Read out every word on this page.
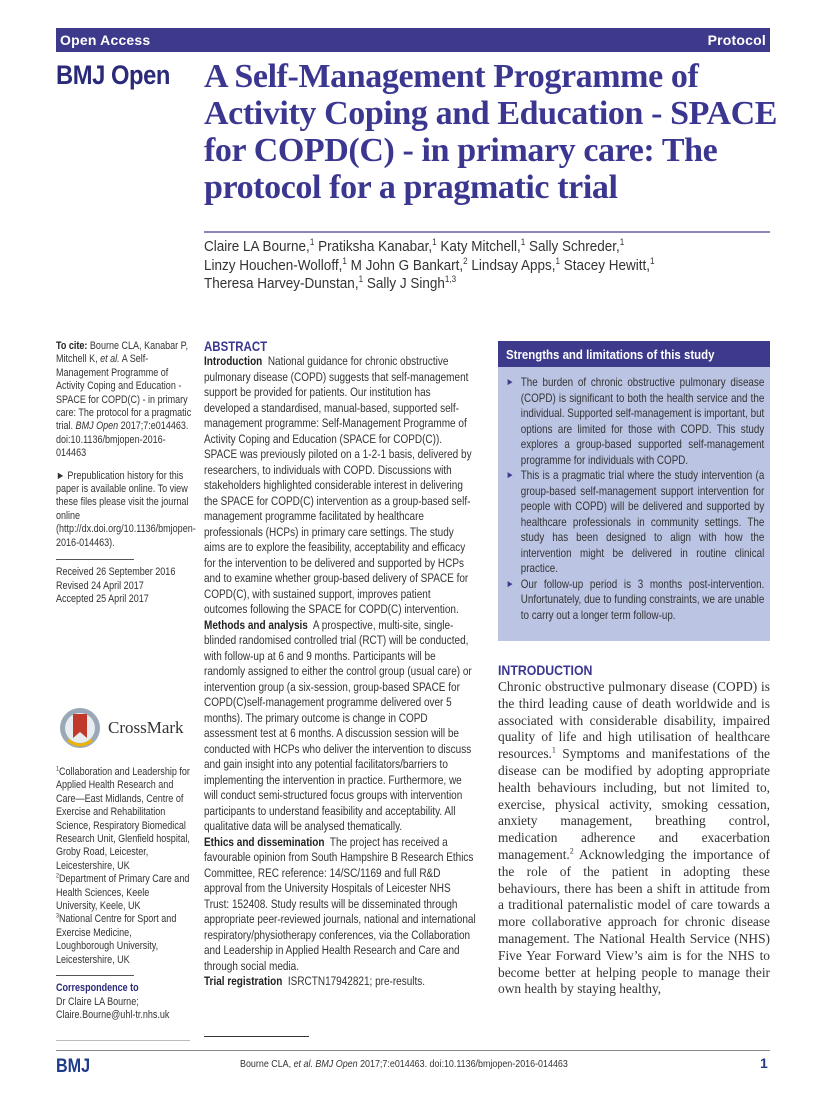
Open Access	Protocol
BMJ Open A Self-Management Programme of Activity Coping and Education - SPACE for COPD(C) - in primary care: The protocol for a pragmatic trial
Claire LA Bourne,$^1$ Pratiksha Kanabar,$^1$ Katy Mitchell,$^1$ Sally Schreder,$^1$
Linzy Houchen-Wolloff,$^1$ M John G Bankart,$^2$ Lindsay Apps,$^1$ Stacey Hewitt,$^1$
Theresa Harvey-Dunstan,$^1$ Sally J Singh$^{1,3}$

To cite: Bourne CLA, Kanabar P, Mitchell K, et al. A Self-Management Programme of Activity Coping and Education - SPACE for COPD(C) - in primary care: The protocol for a pragmatic trial. BMJ Open 2017;7:e014463. doi:10.1136/bmjopen-2016-014463

► Prepublication history for this paper is available online. To view these files please visit the journal online (http://dx.doi.org/10.1136/bmjopen-2016-014463).

Received 26 September 2016
Revised 24 April 2017
Accepted 25 April 2017
CrossMark
$^1$Collaboration and Leadership for Applied Health Research and Care—East Midlands, Centre of Exercise and Rehabilitation Science, Respiratory Biomedical Research Unit, Glenfield hospital, Groby Road, Leicester, Leicestershire, UK
$^2$Department of Primary Care and Health Sciences, Keele University, Keele, UK
$^3$National Centre for Sport and Exercise Medicine, Loughborough University, Leicestershire, UK
Correspondence to
Dr Claire LA Bourne; Claire.Bourne@uhl-tr.nhs.uk
ABSTRACT

Introduction National guidance for chronic obstructive pulmonary disease (COPD) suggests that self-management support be provided for patients. Our institution has developed a standardised, manual-based, supported self-management programme: Self-Management Programme of Activity Coping and Education (SPACE for COPD(C)). SPACE was previously piloted on a 1-2-1 basis, delivered by researchers, to individuals with COPD. Discussions with stakeholders highlighted considerable interest in delivering the SPACE for COPD(C) intervention as a group-based self-management programme facilitated by healthcare professionals (HCPs) in primary care settings. The study aims are to explore the feasibility, acceptability and efficacy for the intervention to be delivered and supported by HCPs and to examine whether group-based delivery of SPACE for COPD(C), with sustained support, improves patient outcomes following the SPACE for COPD(C) intervention.

Methods and analysis A prospective, multi-site, single-blinded randomised controlled trial (RCT) will be conducted, with follow-up at 6 and 9 months. Participants will be randomly assigned to either the control group (usual care) or intervention group (a six-session, group-based SPACE for COPD(C)self-management programme delivered over 5 months). The primary outcome is change in COPD assessment test at 6 months. A discussion session will be conducted with HCPs who deliver the intervention to discuss and gain insight into any potential facilitators/barriers to implementing the intervention in practice. Furthermore, we will conduct semi-structured focus groups with intervention participants to understand feasibility and acceptability. All qualitative data will be analysed thematically.

Ethics and dissemination The project has received a favourable opinion from South Hampshire B Research Ethics Committee, REC reference: 14/SC/1169 and full R&D approval from the University Hospitals of Leicester NHS Trust: 152408. Study results will be disseminated through appropriate peer-reviewed journals, national and international respiratory/physiotherapy conferences, via the Collaboration and Leadership in Applied Health Research and Care and through social media.

Trial registration ISRCTN17942821; pre-results.

Strengths and limitations of this study
► The burden of chronic obstructive pulmonary disease (COPD) is significant to both the health service and the individual. Supported self-management is important, but options are limited for those with COPD. This study explores a group-based supported self-management programme for individuals with COPD.
► This is a pragmatic trial where the study intervention (a group-based self-management support intervention for people with COPD) will be delivered and supported by healthcare professionals in community settings. The study has been designed to align with how the intervention might be delivered in routine clinical practice.
► Our follow-up period is 3 months post-intervention. Unfortunately, due to funding constraints, we are unable to carry out a longer term follow-up.
INTRODUCTION

Chronic obstructive pulmonary disease (COPD) is the third leading cause of death worldwide and is associated with considerable disability, impaired quality of life and high utilisation of healthcare resources.$^1$ Symptoms and manifestations of the disease can be modified by adopting appropriate health behaviours including, but not limited to, exercise, physical activity, smoking cessation, anxiety management, breathing control, medication adherence and exacerbation management.$^2$ Acknowledging the importance of the role of the patient in adopting these behaviours, there has been a shift in attitude from a traditional paternalistic model of care towards a more collaborative approach for chronic disease management. The National Health Service (NHS) Five Year Forward View’s aim is for the NHS to become better at helping people to manage their own health by staying healthy,

BMJ	Bourne CLA, et al. BMJ Open 2017;7:e014463. doi:10.1136/bmjopen-2016-014463	1
